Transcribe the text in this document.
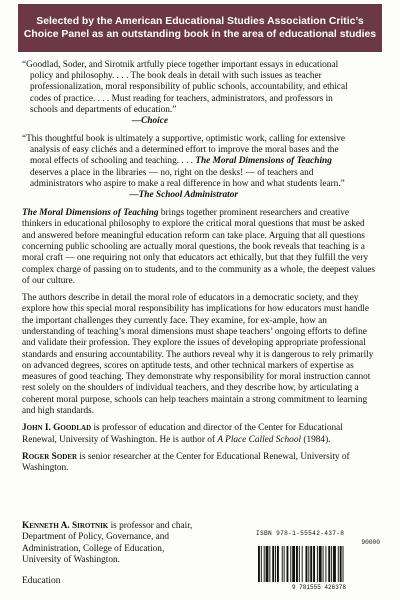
Selected by the American Educational Studies Association Critic’s
Choice Panel as an outstanding book in the area of educational studies
“Goodlad, Soder, and Sirotnik artfully piece together important essays in educational
policy and philosophy. . . . The book deals in detail with such issues as teacher
professionalization, moral responsibility of public schools, accountability, and ethical
codes of practice. . . . Must reading for teachers, administrators, and professors in
schools and departments of education.”
—Choice
“This thoughtful book is ultimately a supportive, optimistic work, calling for extensive
analysis of easy clichés and a determined effort to improve the moral bases and the
moral effects of schooling and teaching. . . . The Moral Dimensions of Teaching
deserves a place in the libraries — no, right on the desks! — of teachers and
administrators who aspire to make a real difference in how and what students learn.”
—The School Administrator

The Moral Dimensions of Teaching brings together prominent researchers and creative thinkers in educational philosophy to explore the critical moral questions that must be asked and answered before meaningful education reform can take place. Arguing that all questions concerning public schooling are actually moral questions, the book reveals that teaching is a moral craft — one requiring not only that educators act ethically, but that they fulfill the very complex charge of passing on to students, and to the community as a whole, the deepest values of our culture.

The authors describe in detail the moral role of educators in a democratic society, and they explore how this special moral responsibility has implications for how educators must handle the important challenges they currently face. They examine, for ex-ample, how an understanding of teaching’s moral dimensions must shape teachers’ ongoing efforts to define and validate their profession. They explore the issues of developing appropriate professional standards and ensuring accountability. The authors reveal why it is dangerous to rely primarily on advanced degrees, scores on aptitude tests, and other technical markers of expertise as measures of good teaching. They demonstrate why responsibility for moral instruction cannot rest solely on the shoulders of individual teachers, and they describe how, by articulating a coherent moral purpose, schools can help teachers maintain a strong commitment to learning and high standards.

John I. Goodlad is professor of education and director of the Center for Educational Renewal, University of Washington. He is author of A Place Called School (1984).

Roger Soder is senior researcher at the Center for Educational Renewal, University of Washington.

Kenneth A. Sirotnik is professor and chair,
Department of Policy, Governance, and
Administration, College of Education,
University of Washington.
ISBN 978-1-55542-437-8
90000
9 781555 426378
Education
